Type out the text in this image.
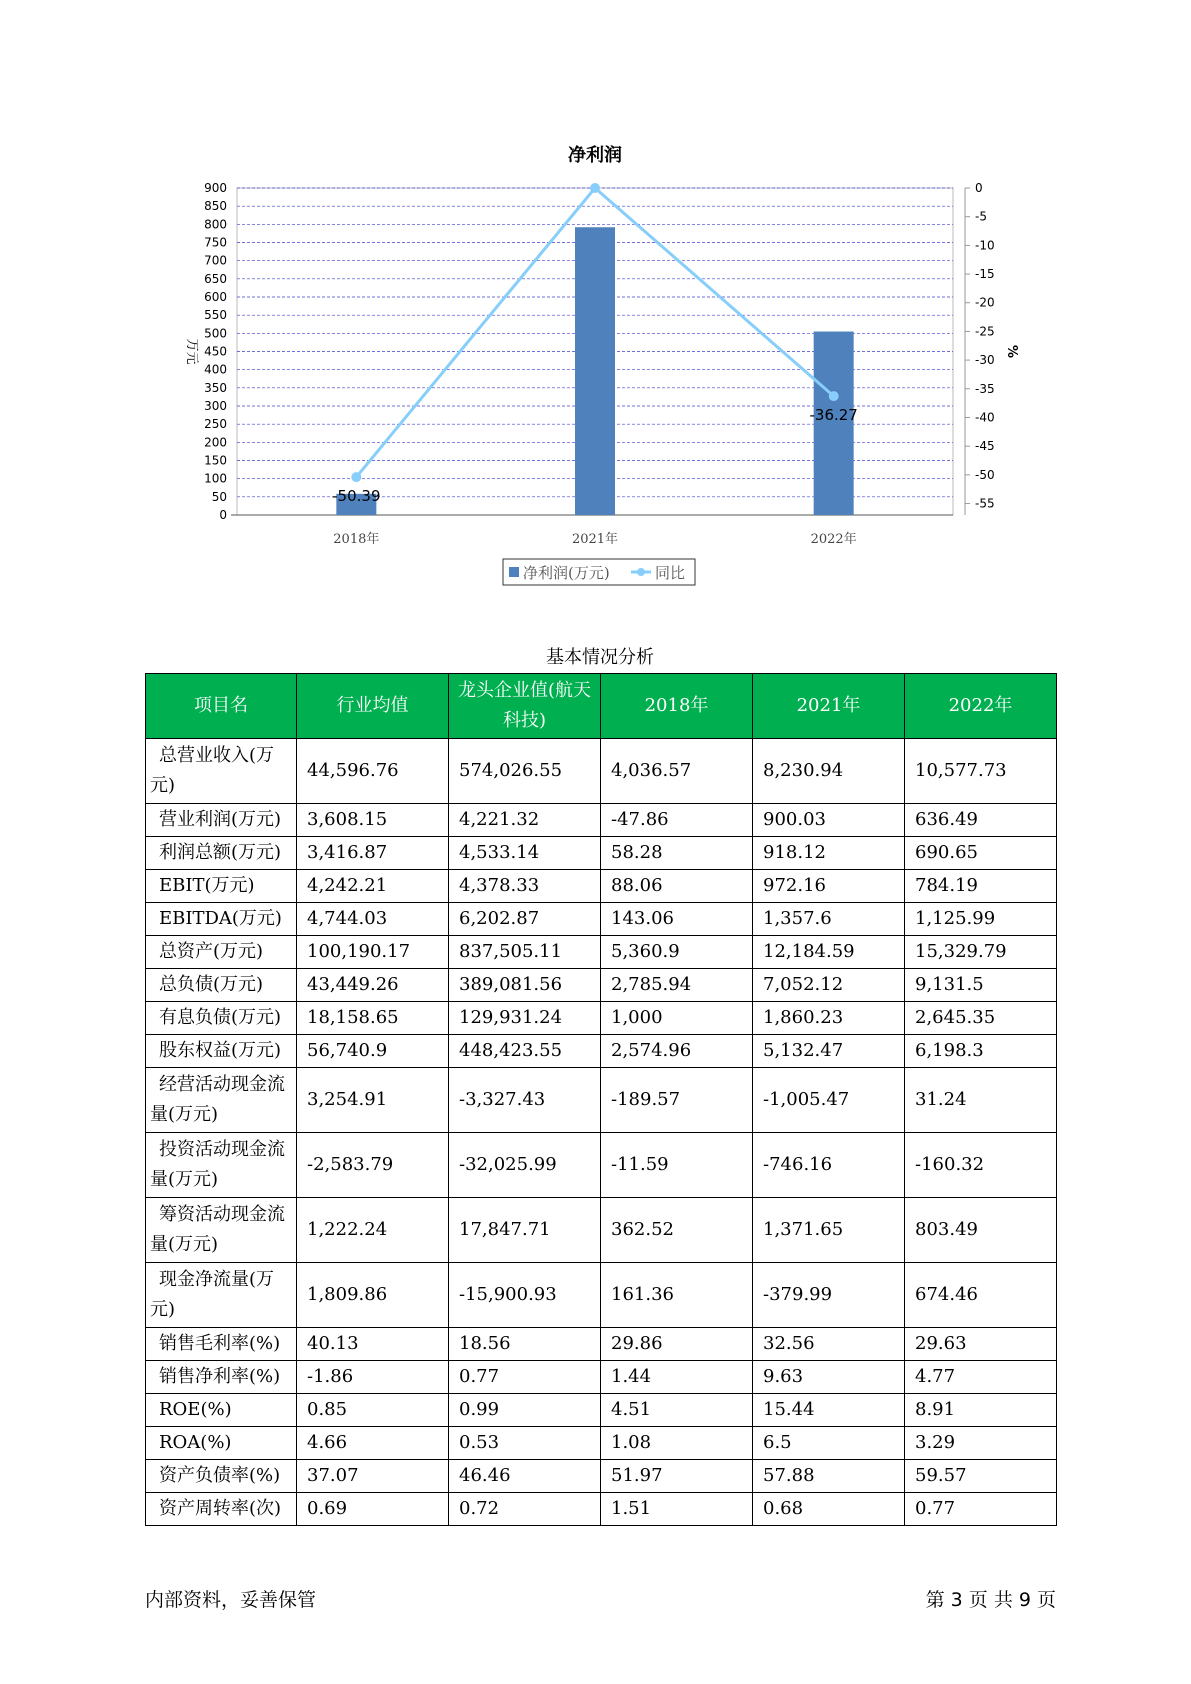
净利润
0
50
100
150
200
250
300
350
400
450
500
550
600
650
700
750
800
850
900	0
-5
-10
-15
-20
-25
-30
-35
-40
-45
-50
-55
万元	%
2018年	2021年	2022年
-50.39
-36.27
净利润(万元)	同比
基本情况分析
项目名	行业均值	龙头企业值(航天科技)	2018年	2021年	2022年
总营业收入(万元)	44,596.76	574,026.55	4,036.57	8,230.94	10,577.73
营业利润(万元)	3,608.15	4,221.32	-47.86	900.03	636.49
利润总额(万元)	3,416.87	4,533.14	58.28	918.12	690.65
EBIT(万元)	4,242.21	4,378.33	88.06	972.16	784.19
EBITDA(万元)	4,744.03	6,202.87	143.06	1,357.6	1,125.99
总资产(万元)	100,190.17	837,505.11	5,360.9	12,184.59	15,329.79
总负债(万元)	43,449.26	389,081.56	2,785.94	7,052.12	9,131.5
有息负债(万元)	18,158.65	129,931.24	1,000	1,860.23	2,645.35
股东权益(万元)	56,740.9	448,423.55	2,574.96	5,132.47	6,198.3
经营活动现金流量(万元)	3,254.91	-3,327.43	-189.57	-1,005.47	31.24
投资活动现金流量(万元)	-2,583.79	-32,025.99	-11.59	-746.16	-160.32
筹资活动现金流量(万元)	1,222.24	17,847.71	362.52	1,371.65	803.49
现金净流量(万元)	1,809.86	-15,900.93	161.36	-379.99	674.46
销售毛利率(%)	40.13	18.56	29.86	32.56	29.63
销售净利率(%)	-1.86	0.77	1.44	9.63	4.77
ROE(%)	0.85	0.99	4.51	15.44	8.91
ROA(%)	4.66	0.53	1.08	6.5	3.29
资产负债率(%)	37.07	46.46	51.97	57.88	59.57
资产周转率(次)	0.69	0.72	1.51	0.68	0.77
内部资料，妥善保管	第 3 页 共 9 页
